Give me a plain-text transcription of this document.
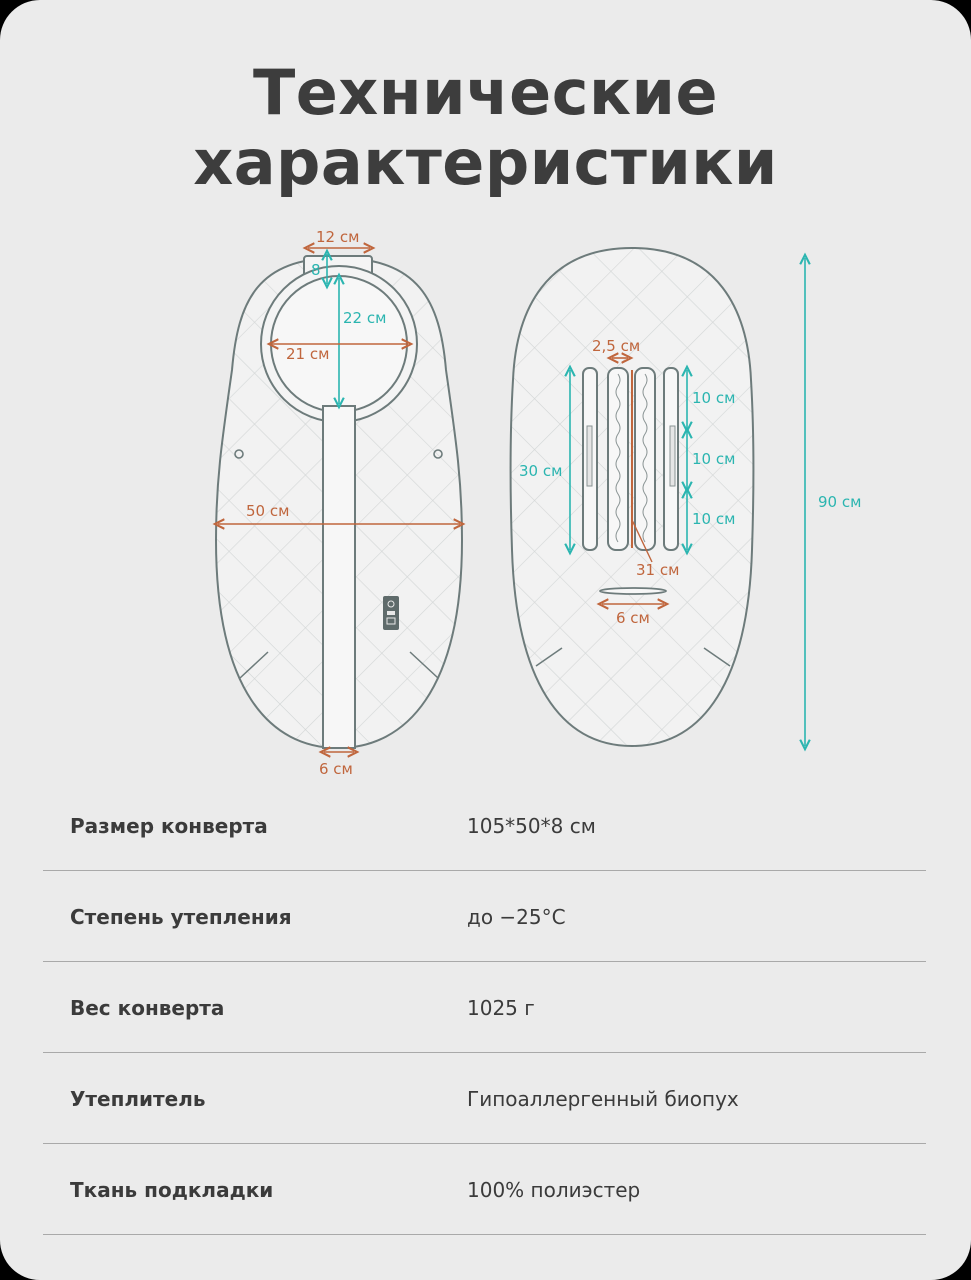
Технические
характеристики
12 см
8
22 см
21 см
50 см
6 см
2,5 см
30 см
10 см
10 см
10 см
31 см
6 см
90 см
Размер конверта	105*50*8 см
Степень утепления	до −25°С
Вес конверта	1025 г
Утеплитель	Гипоаллергенный биопух
Ткань подкладки	100% полиэстер
